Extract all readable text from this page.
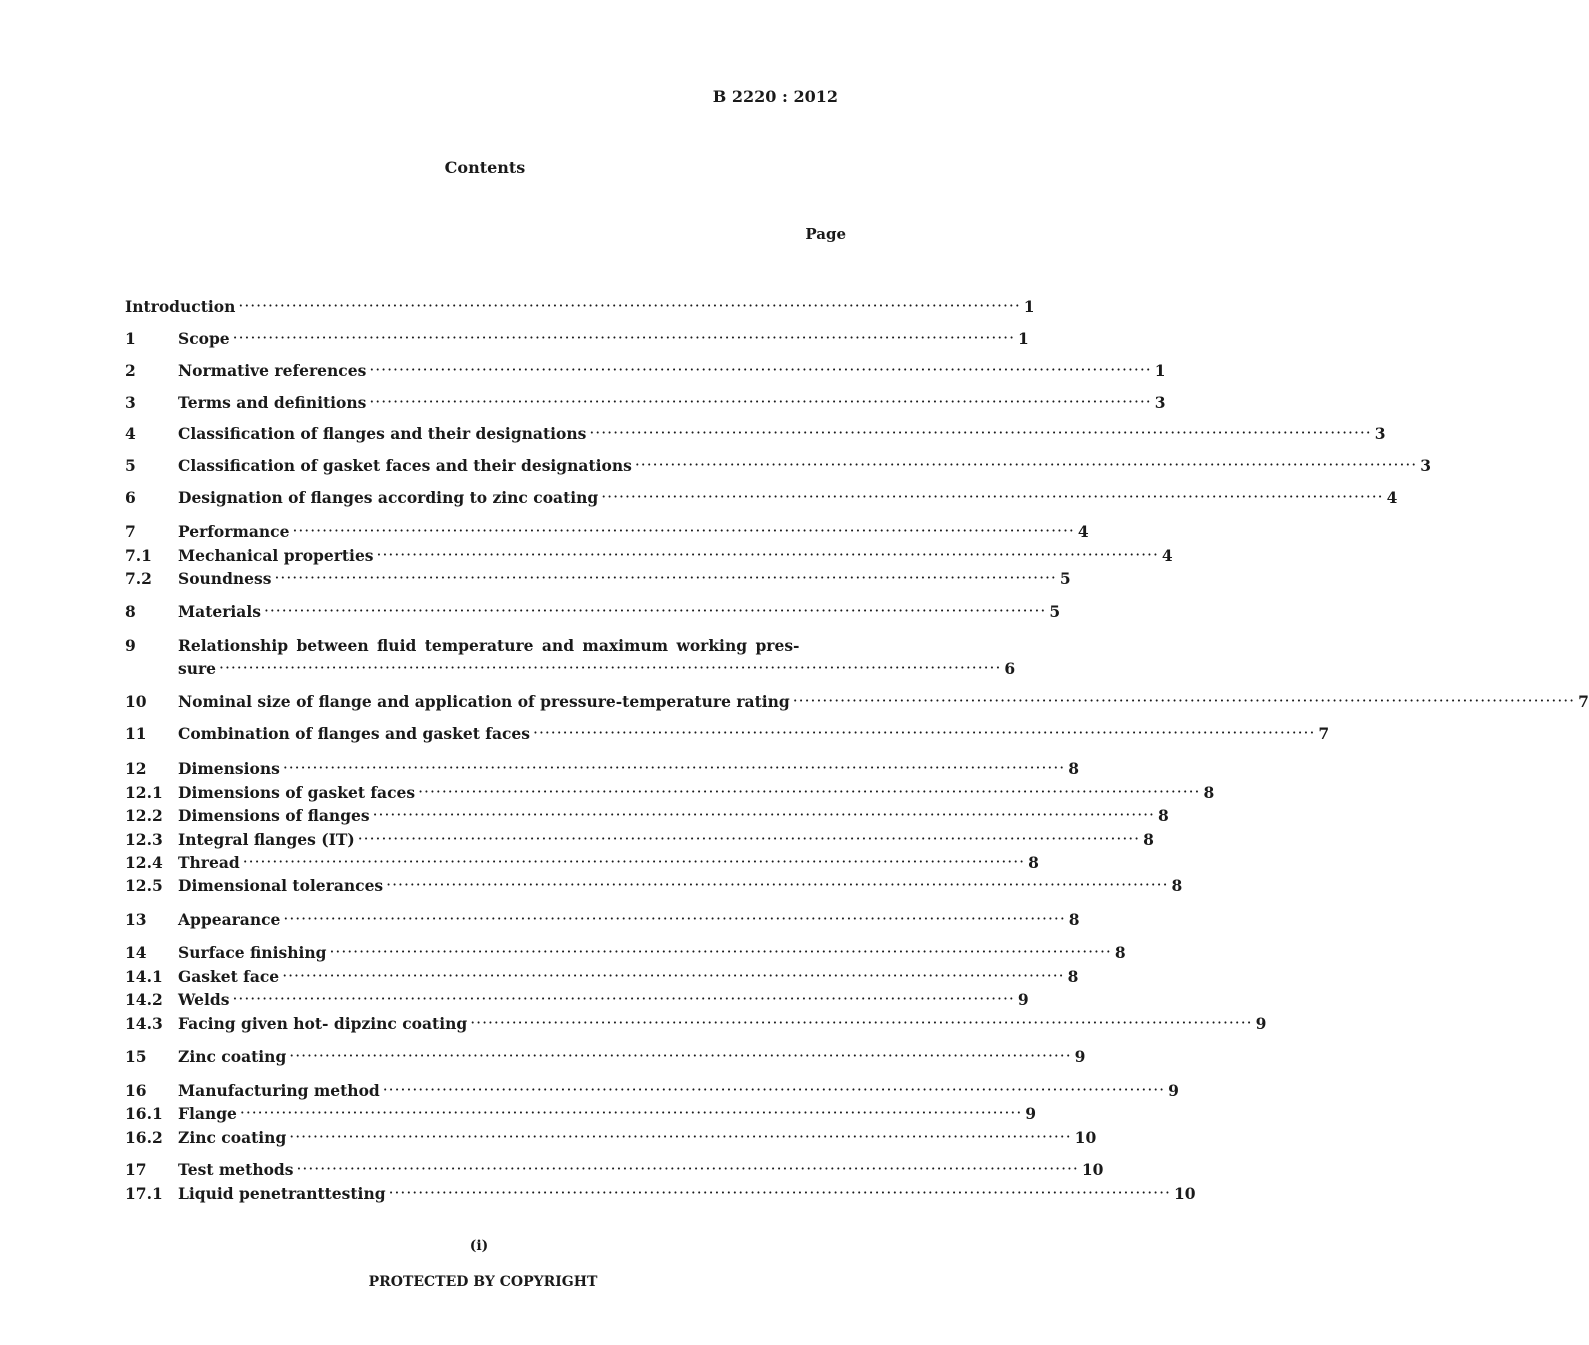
B 2220 : 2012
Contents
Page
Introduction ···································································································································· 1
1	Scope ···································································································································· 1
2	Normative references ···································································································································· 1
3	Terms and definitions ···································································································································· 3
4	Classification of flanges and their designations ···································································································································· 3
5	Classification of gasket faces and their designations ···································································································································· 3
6	Designation of flanges according to zinc coating ···································································································································· 4
7	Performance ···································································································································· 4
7.1 Mechanical properties ···································································································································· 4
7.2 Soundness ···································································································································· 5
8	Materials ···································································································································· 5
9	Relationship between fluid temperature and maximum working pres-
sure ···································································································································· 6
10 Nominal size of flange and application of pressure-temperature rating ···································································································································· 7
11 Combination of flanges and gasket faces ···································································································································· 7
12 Dimensions ···································································································································· 8
12.1 Dimensions of gasket faces ···································································································································· 8
12.2 Dimensions of flanges ···································································································································· 8
12.3 Integral flanges (IT) ···································································································································· 8
12.4 Thread ···································································································································· 8
12.5 Dimensional tolerances ···································································································································· 8
13 Appearance ···································································································································· 8
14 Surface finishing ···································································································································· 8
14.1 Gasket face ···································································································································· 8
14.2 Welds ···································································································································· 9
14.3 Facing given hot- dipzinc coating ···································································································································· 9
15 Zinc coating ···································································································································· 9
16 Manufacturing method ···································································································································· 9
16.1 Flange ···································································································································· 9
16.2 Zinc coating ···································································································································· 10
17 Test methods ···································································································································· 10
17.1 Liquid penetranttesting ···································································································································· 10
(i)
PROTECTED BY COPYRIGHT
